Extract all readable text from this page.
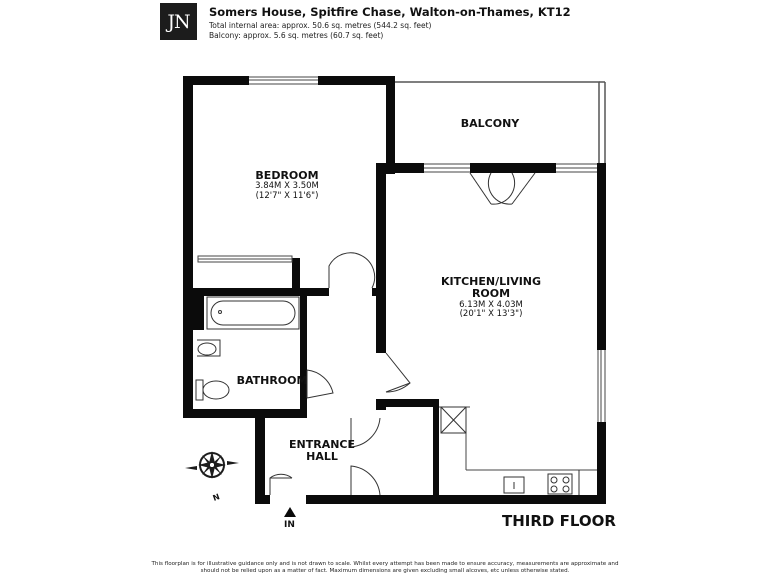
JN Somers House, Spitfire Chase, Walton-on-Thames, KT12
Total internal area: approx. 50.6 sq. metres (544.2 sq. feet)
Balcony: approx. 5.6 sq. metres (60.7 sq. feet)
BEDROOM
3.84M X 3.50M
(12'7" X 11'6")
BALCONY
KITCHEN/LIVING
ROOM
6.13M X 4.03M
(20'1" X 13'3")
BATHROOM
ENTRANCE
HALL
N
IN	THIRD FLOOR
This floorplan is for illustrative guidance only and is not drawn to scale. Whilst every attempt has been made to ensure accuracy, measurements are approximate and should not be relied upon as a matter of fact. Maximum dimensions are given excluding small alcoves, etc unless otherwise stated.
